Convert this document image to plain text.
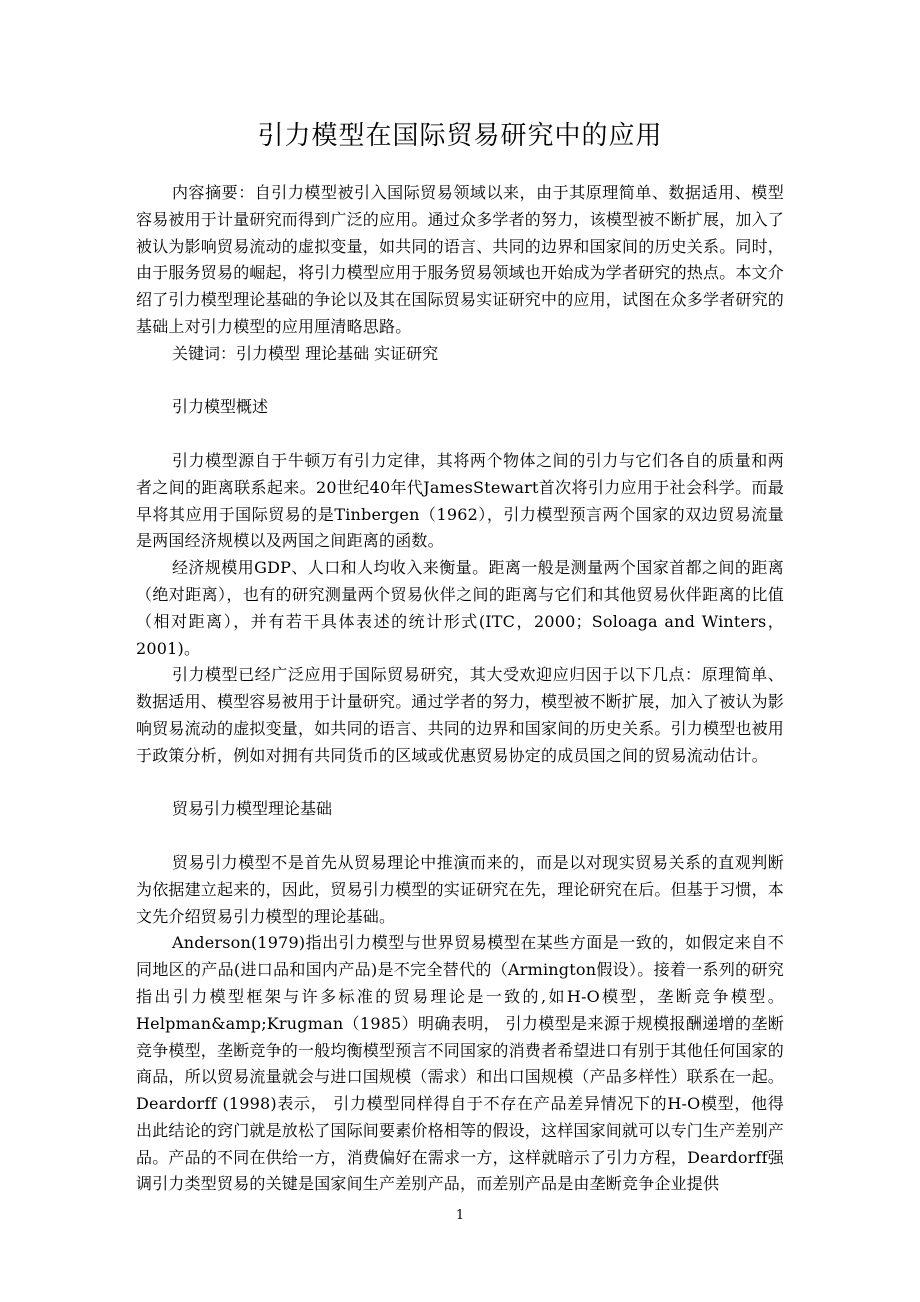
引力模型在国际贸易研究中的应用

内容摘要：自引力模型被引入国际贸易领域以来，由于其原理简单、数据适用、模型容易被用于计量研究而得到广泛的应用。通过众多学者的努力，该模型被不断扩展，加入了被认为影响贸易流动的虚拟变量，如共同的语言、共同的边界和国家间的历史关系。同时，由于服务贸易的崛起，将引力模型应用于服务贸易领域也开始成为学者研究的热点。本文介绍了引力模型理论基础的争论以及其在国际贸易实证研究中的应用，试图在众多学者研究的基础上对引力模型的应用厘清略思路。

关键词：引力模型 理论基础 实证研究

引力模型概述

引力模型源自于牛顿万有引力定律，其将两个物体之间的引力与它们各自的质量和两者之间的距离联系起来。20世纪40年代JamesStewart首次将引力应用于社会科学。而最早将其应用于国际贸易的是Tinbergen（1962），引力模型预言两个国家的双边贸易流量是两国经济规模以及两国之间距离的函数。

经济规模用GDP、人口和人均收入来衡量。距离一般是测量两个国家首都之间的距离（绝对距离），也有的研究测量两个贸易伙伴之间的距离与它们和其他贸易伙伴距离的比值（相对距离），并有若干具体表述的统计形式(ITC，2000；Soloaga and Winters，2001)。

引力模型已经广泛应用于国际贸易研究，其大受欢迎应归因于以下几点：原理简单、数据适用、模型容易被用于计量研究。通过学者的努力，模型被不断扩展，加入了被认为影响贸易流动的虚拟变量，如共同的语言、共同的边界和国家间的历史关系。引力模型也被用于政策分析，例如对拥有共同货币的区域或优惠贸易协定的成员国之间的贸易流动估计。

贸易引力模型理论基础

贸易引力模型不是首先从贸易理论中推演而来的，而是以对现实贸易关系的直观判断为依据建立起来的，因此，贸易引力模型的实证研究在先，理论研究在后。但基于习惯，本文先介绍贸易引力模型的理论基础。

Anderson(1979)指出引力模型与世界贸易模型在某些方面是一致的，如假定来自不同地区的产品(进口品和国内产品)是不完全替代的（Armington假设）。接着一系列的研究指出引力模型框架与许多标准的贸易理论是一致的,如H-O模型，垄断竞争模型。Helpman&amp;Krugman（1985）明确表明， 引力模型是来源于规模报酬递增的垄断竞争模型，垄断竞争的一般均衡模型预言不同国家的消费者希望进口有别于其他任何国家的商品，所以贸易流量就会与进口国规模（需求）和出口国规模（产品多样性）联系在一起。Deardorff (1998)表示， 引力模型同样得自于不存在产品差异情况下的H-O模型，他得出此结论的窍门就是放松了国际间要素价格相等的假设，这样国家间就可以专门生产差别产品。产品的不同在供给一方，消费偏好在需求一方，这样就暗示了引力方程，Deardorff强调引力类型贸易的关键是国家间生产差别产品，而差别产品是由垄断竞争企业提供

1
